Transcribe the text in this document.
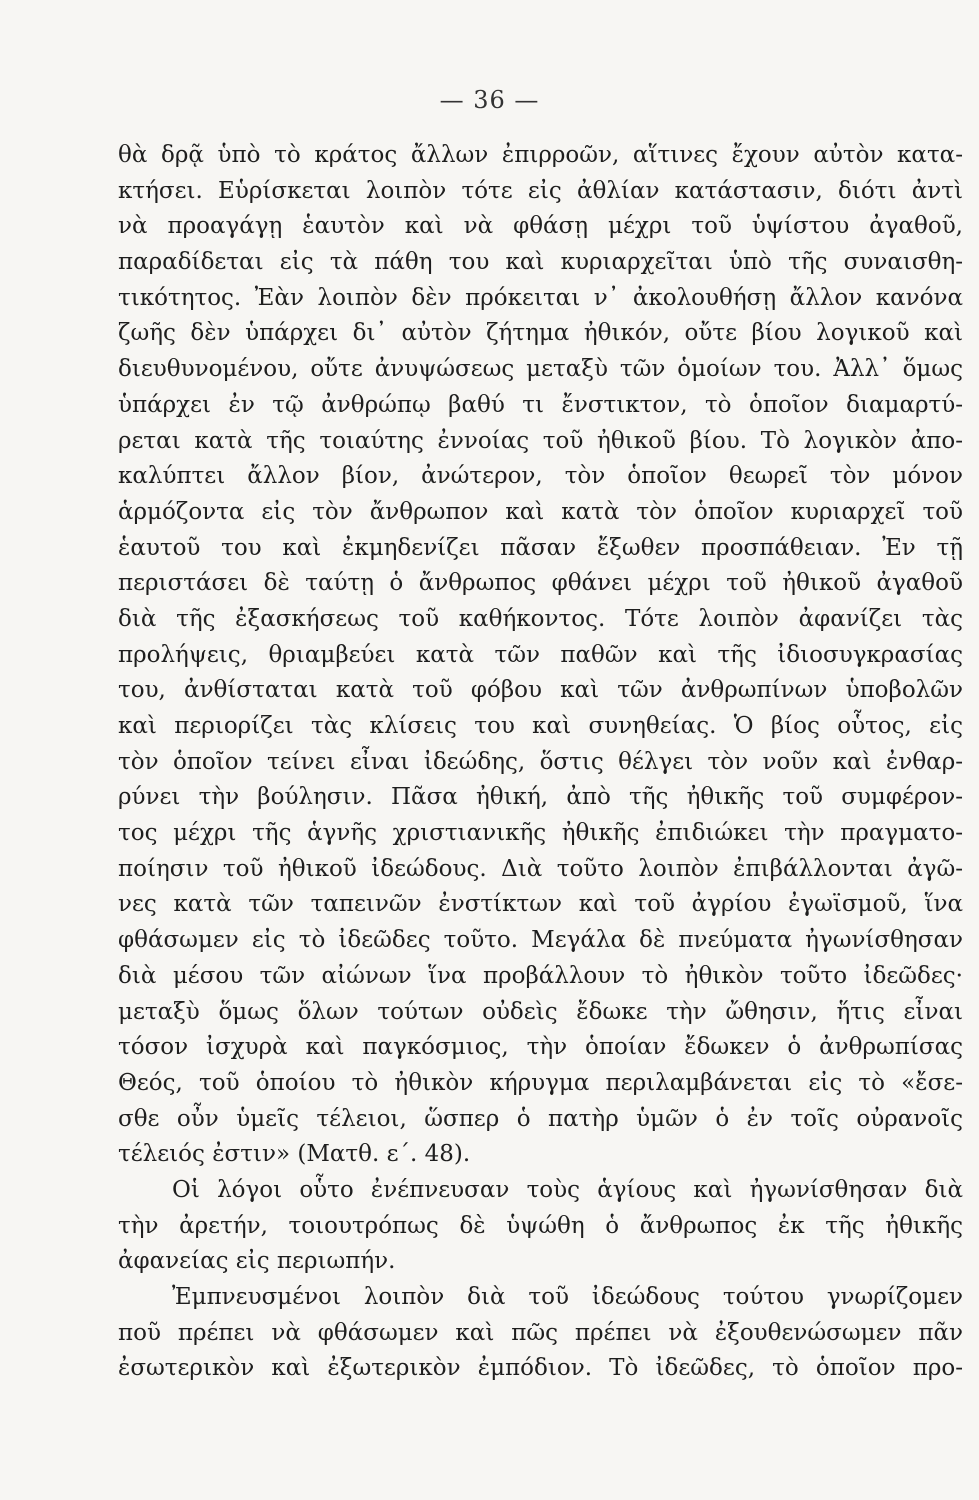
— 36 —
θὰ δρᾷ ὑπὸ τὸ κράτος ἄλλων ἐπιρροῶν, αἵτινες ἔχουν αὐτὸν κατα-
κτήσει. Εὑρίσκεται λοιπὸν τότε εἰς ἀθλίαν κατάστασιν, διότι ἀντὶ
νὰ προαγάγῃ ἑαυτὸν καὶ νὰ φθάσῃ μέχρι τοῦ ὑψίστου ἀγαθοῦ,
παραδίδεται εἰς τὰ πάθη του καὶ κυριαρχεῖται ὑπὸ τῆς συναισθη-
τικότητος. Ἐὰν λοιπὸν δὲν πρόκειται ν᾽ ἀκολουθήσῃ ἄλλον κανόνα
ζωῆς δὲν ὑπάρχει δι᾽ αὐτὸν ζήτημα ἠθικόν, οὔτε βίου λογικοῦ καὶ
διευθυνομένου, οὔτε ἀνυψώσεως μεταξὺ τῶν ὁμοίων του. Ἀλλ᾽ ὅμως
ὑπάρχει ἐν τῷ ἀνθρώπῳ βαθύ τι ἔνστικτον, τὸ ὁποῖον διαμαρτύ-
ρεται κατὰ τῆς τοιαύτης ἐννοίας τοῦ ἠθικοῦ βίου. Τὸ λογικὸν ἀπο-
καλύπτει ἄλλον βίον, ἀνώτερον, τὸν ὁποῖον θεωρεῖ τὸν μόνον
ἁρμόζοντα εἰς τὸν ἄνθρωπον καὶ κατὰ τὸν ὁποῖον κυριαρχεῖ τοῦ
ἑαυτοῦ του καὶ ἐκμηδενίζει πᾶσαν ἔξωθεν προσπάθειαν. Ἐν τῇ
περιστάσει δὲ ταύτῃ ὁ ἄνθρωπος φθάνει μέχρι τοῦ ἠθικοῦ ἀγαθοῦ
διὰ τῆς ἐξασκήσεως τοῦ καθήκοντος. Τότε λοιπὸν ἀφανίζει τὰς
προλήψεις, θριαμβεύει κατὰ τῶν παθῶν καὶ τῆς ἰδιοσυγκρασίας
του, ἀνθίσταται κατὰ τοῦ φόβου καὶ τῶν ἀνθρωπίνων ὑποβολῶν
καὶ περιορίζει τὰς κλίσεις του καὶ συνηθείας. Ὁ βίος οὗτος, εἰς
τὸν ὁποῖον τείνει εἶναι ἰδεώδης, ὅστις θέλγει τὸν νοῦν καὶ ἐνθαρ-
ρύνει τὴν βούλησιν. Πᾶσα ἠθική, ἀπὸ τῆς ἠθικῆς τοῦ συμφέρον-
τος μέχρι τῆς ἁγνῆς χριστιανικῆς ἠθικῆς ἐπιδιώκει τὴν πραγματο-
ποίησιν τοῦ ἠθικοῦ ἰδεώδους. Διὰ τοῦτο λοιπὸν ἐπιβάλλονται ἀγῶ-
νες κατὰ τῶν ταπεινῶν ἐνστίκτων καὶ τοῦ ἀγρίου ἐγωϊσμοῦ, ἵνα
φθάσωμεν εἰς τὸ ἰδεῶδες τοῦτο. Μεγάλα δὲ πνεύματα ἠγωνίσθησαν
διὰ μέσου τῶν αἰώνων ἵνα προβάλλουν τὸ ἠθικὸν τοῦτο ἰδεῶδες·
μεταξὺ ὅμως ὅλων τούτων οὐδεὶς ἔδωκε τὴν ὤθησιν, ἥτις εἶναι
τόσον ἰσχυρὰ καὶ παγκόσμιος, τὴν ὁποίαν ἔδωκεν ὁ ἀνθρωπίσας
Θεός, τοῦ ὁποίου τὸ ἠθικὸν κήρυγμα περιλαμβάνεται εἰς τὸ «ἔσε-
σθε οὖν ὑμεῖς τέλειοι, ὥσπερ ὁ πατὴρ ὑμῶν ὁ ἐν τοῖς οὐρανοῖς
τέλειός ἐστιν» (Ματθ. ε΄. 48).
Οἱ λόγοι οὗτο ἐνέπνευσαν τοὺς ἁγίους καὶ ἠγωνίσθησαν διὰ
τὴν ἀρετήν, τοιουτρόπως δὲ ὑψώθη ὁ ἄνθρωπος ἐκ τῆς ἠθικῆς
ἀφανείας εἰς περιωπήν.
Ἐμπνευσμένοι λοιπὸν διὰ τοῦ ἰδεώδους τούτου γνωρίζομεν
ποῦ πρέπει νὰ φθάσωμεν καὶ πῶς πρέπει νὰ ἐξουθενώσωμεν πᾶν
ἐσωτερικὸν καὶ ἐξωτερικὸν ἐμπόδιον. Τὸ ἰδεῶδες, τὸ ὁποῖον προ-
